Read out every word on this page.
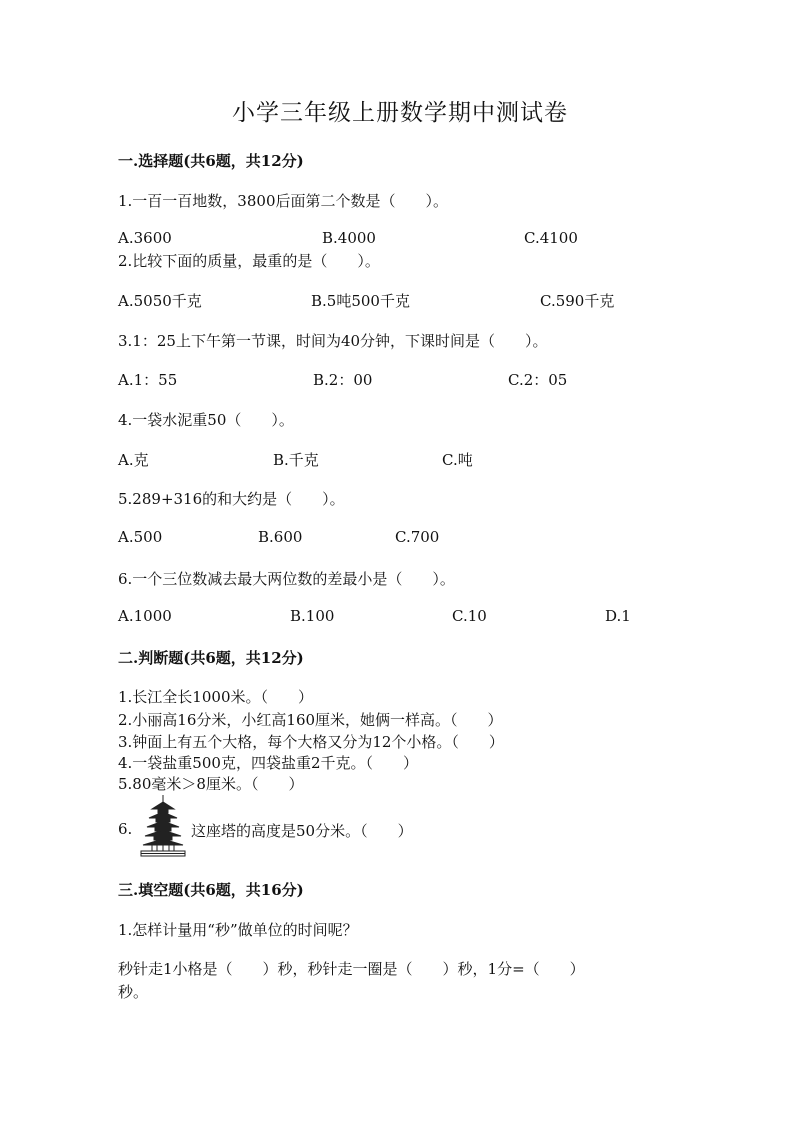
小学三年级上册数学期中测试卷
一.选择题(共6题，共12分)
1.一百一百地数，3800后面第二个数是（　　）。
A.3600	B.4000	C.4100
2.比较下面的质量，最重的是（　　）。
A.5050千克	B.5吨500千克	C.590千克
3.1：25上下午第一节课，时间为40分钟，下课时间是（　　）。
A.1：55	B.2：00	C.2：05
4.一袋水泥重50（　　）。
A.克	B.千克	C.吨
5.289+316的和大约是（　　）。
A.500	B.600	C.700
6.一个三位数减去最大两位数的差最小是（　　）。
A.1000	B.100	C.10	D.1
二.判断题(共6题，共12分)
1.长江全长1000米。（　　）
2.小丽高16分米，小红高160厘米，她俩一样高。（　　）
3.钟面上有五个大格，每个大格又分为12个小格。（　　）
4.一袋盐重500克，四袋盐重2千克。（　　）
5.80毫米＞8厘米。（　　）
6.	这座塔的高度是50分米。（　　）
三.填空题(共6题，共16分)
1.怎样计量用“秒”做单位的时间呢？
秒针走1小格是（　　）秒，秒针走一圈是（　　）秒，1分=（　　）
秒。
